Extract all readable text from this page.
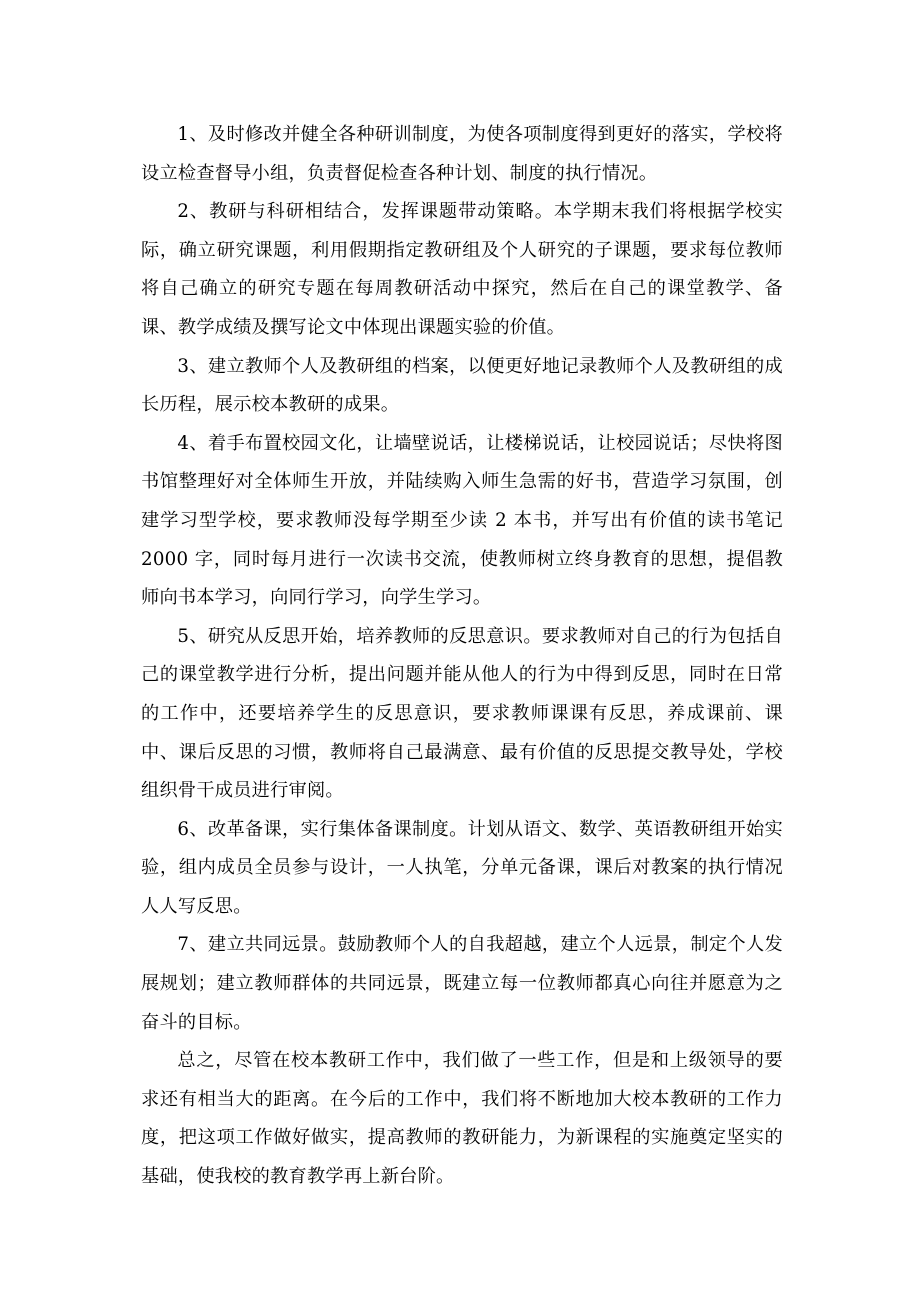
1、及时修改并健全各种研训制度，为使各项制度得到更好的落实，学校将设立检查督导小组，负责督促检查各种计划、制度的执行情况。

2、教研与科研相结合，发挥课题带动策略。本学期末我们将根据学校实际，确立研究课题，利用假期指定教研组及个人研究的子课题，要求每位教师将自己确立的研究专题在每周教研活动中探究，然后在自己的课堂教学、备课、教学成绩及撰写论文中体现出课题实验的价值。

3、建立教师个人及教研组的档案，以便更好地记录教师个人及教研组的成长历程，展示校本教研的成果。

4、着手布置校园文化，让墙壁说话，让楼梯说话，让校园说话；尽快将图书馆整理好对全体师生开放，并陆续购入师生急需的好书，营造学习氛围，创建学习型学校，要求教师没每学期至少读 2 本书，并写出有价值的读书笔记 2000 字，同时每月进行一次读书交流，使教师树立终身教育的思想，提倡教师向书本学习，向同行学习，向学生学习。

5、研究从反思开始，培养教师的反思意识。要求教师对自己的行为包括自己的课堂教学进行分析，提出问题并能从他人的行为中得到反思，同时在日常的工作中，还要培养学生的反思意识，要求教师课课有反思，养成课前、课中、课后反思的习惯，教师将自己最满意、最有价值的反思提交教导处，学校组织骨干成员进行审阅。

6、改革备课，实行集体备课制度。计划从语文、数学、英语教研组开始实验，组内成员全员参与设计，一人执笔，分单元备课，课后对教案的执行情况人人写反思。

7、建立共同远景。鼓励教师个人的自我超越，建立个人远景，制定个人发展规划；建立教师群体的共同远景，既建立每一位教师都真心向往并愿意为之奋斗的目标。

总之，尽管在校本教研工作中，我们做了一些工作，但是和上级领导的要求还有相当大的距离。在今后的工作中，我们将不断地加大校本教研的工作力度，把这项工作做好做实，提高教师的教研能力，为新课程的实施奠定坚实的基础，使我校的教育教学再上新台阶。
